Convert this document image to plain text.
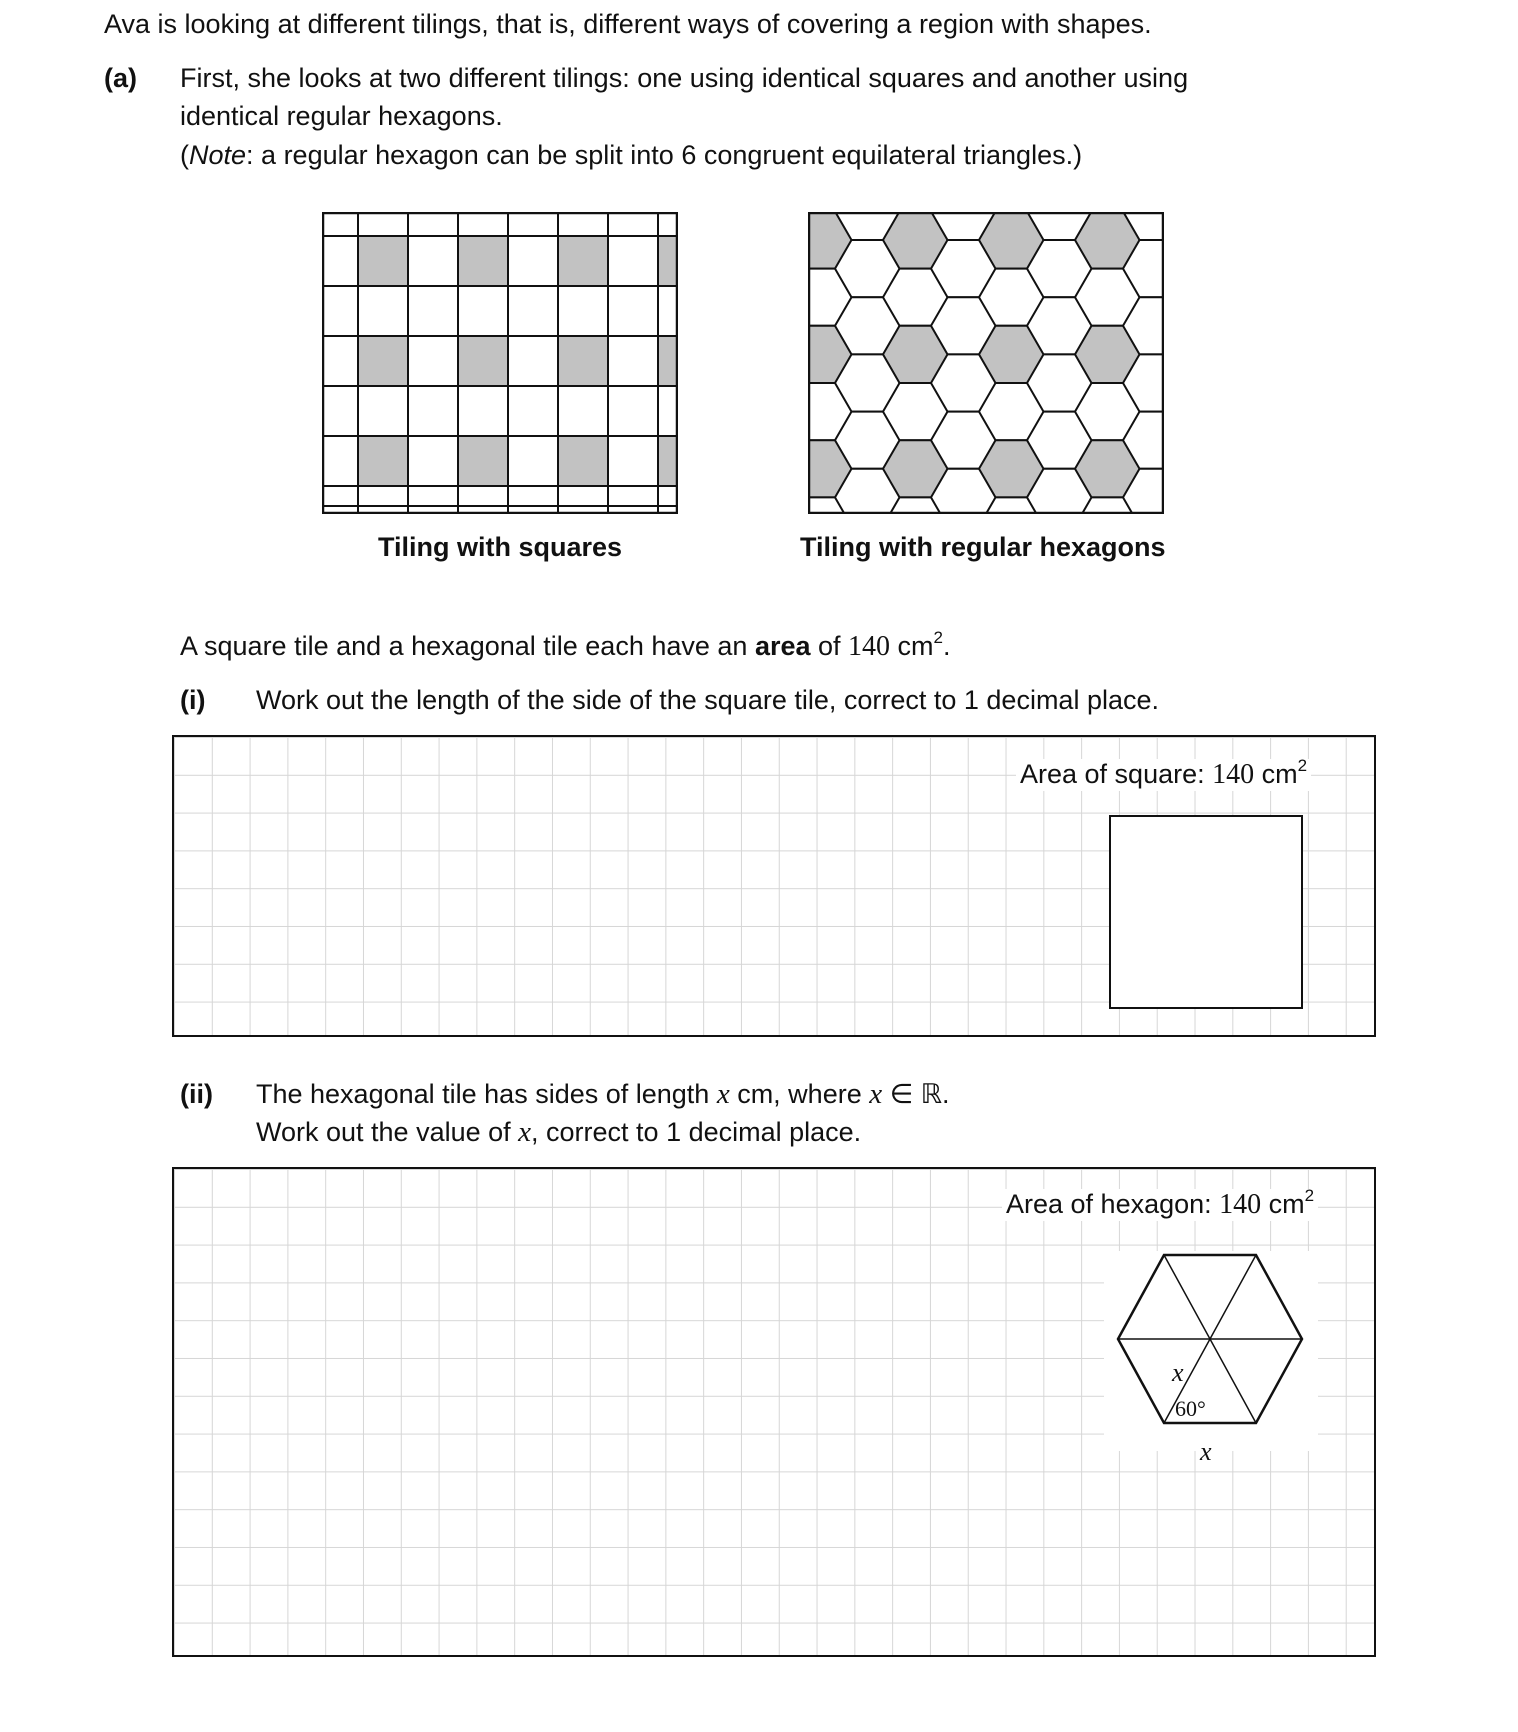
Ava is looking at different tilings, that is, different ways of covering a region with shapes.
(a) First, she looks at two different tilings: one using identical squares and another using
identical regular hexagons.
(Note: a regular hexagon can be split into 6 congruent equilateral triangles.)
Tiling with squares	Tiling with regular hexagons
A square tile and a hexagonal tile each have an area of 140 $cm^2$.
(i) Work out the length of the side of the square tile, correct to 1 decimal place.
Area of square: 140 $cm^2$
(ii) The hexagonal tile has sides of length x cm, where x ∈ ℝ.
Work out the value of x, correct to 1 decimal place.
Area of hexagon: 140 $cm^2$
x
60°
x
